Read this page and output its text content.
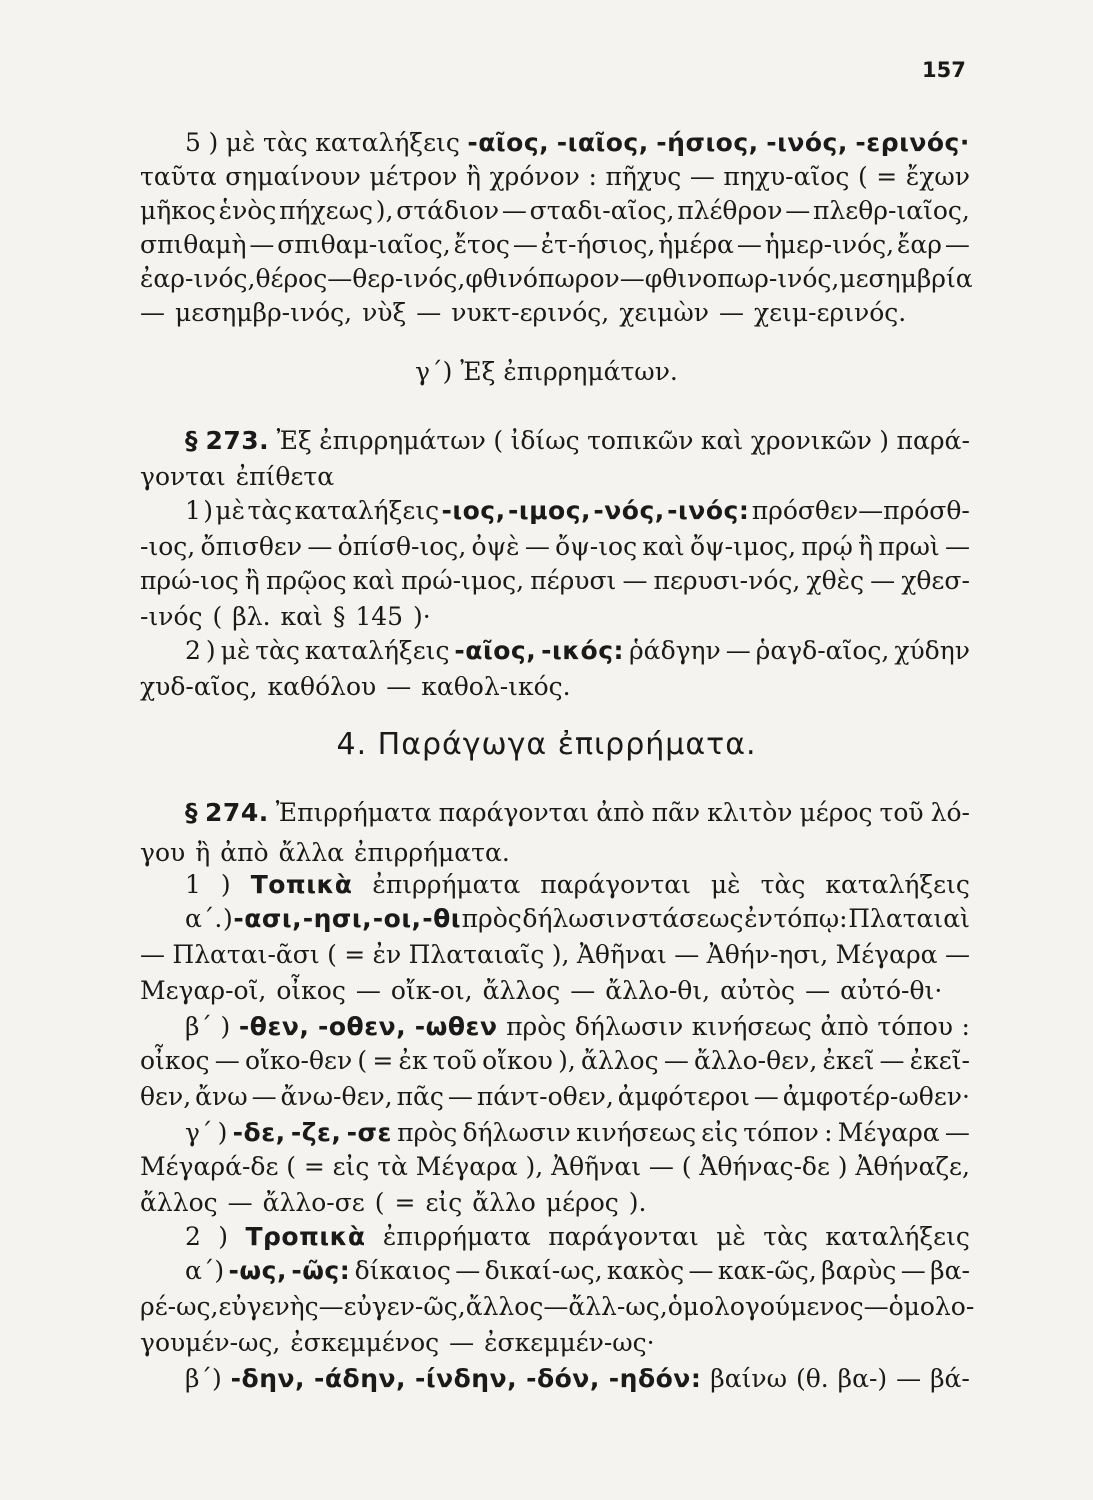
157
5 ) μὲ τὰς καταλήξεις -αῖος, -ιαῖος, -ήσιος, -ινός, -ερινός·
ταῦτα σημαίνουν μέτρον ἢ χρόνον : πῆχυς — πηχυ-αῖος ( = ἔχων
μῆκος ἑνὸς πήχεως ), στάδιον — σταδι-αῖος, πλέθρον — πλεθρ-ιαῖος,
σπιθαμὴ — σπιθαμ-ιαῖος, ἔτος — ἐτ-ήσιος, ἡμέρα — ἡμερ-ινός, ἔαρ —
ἐαρ-ινός, θέρος — θερ-ινός, φθινόπωρον — φθινοπωρ-ινός, μεσημβρία
— μεσημβρ-ινός, νὺξ — νυκτ-ερινός, χειμὼν — χειμ-ερινός.
γ΄) Ἐξ ἐπιρρημάτων.
§ 273. Ἐξ ἐπιρρημάτων ( ἰδίως τοπικῶν καὶ χρονικῶν ) παρά-
γονται ἐπίθετα
1 ) μὲ τὰς καταλήξεις -ιος, -ιμος, -νός, -ινός: πρόσθεν—πρόσθ-
-ιος, ὄπισθεν — ὀπίσθ-ιος, ὀψὲ — ὄψ-ιος καὶ ὄψ-ιμος, πρῴ ἢ πρωὶ —
πρώ-ιος ἢ πρῷος καὶ πρώ-ιμος, πέρυσι — περυσι-νός, χθὲς — χθεσ-
-ινός ( βλ. καὶ § 145 )·
2 ) μὲ τὰς καταλήξεις -αῖος, -ικός: ῥάδγην — ῥαγδ-αῖος, χύδην
χυδ-αῖος, καθόλου — καθολ-ικός.
4. Παράγωγα ἐπιρρήματα.
§ 274. Ἐπιρρήματα παράγονται ἀπὸ πᾶν κλιτὸν μέρος τοῦ λό-
γου ἢ ἀπὸ ἄλλα ἐπιρρήματα.
1 ) Τοπικὰ ἐπιρρήματα παράγονται μὲ τὰς καταλήξεις
α΄. ) -ασι, -ησι, -οι, -θι πρὸς δήλωσιν στάσεως ἐν τόπῳ: Πλαταιαὶ
— Πλαται-ᾶσι ( = ἐν Πλαταιαῖς ), Ἀθῆναι — Ἀθήν-ησι, Μέγαρα —
Μεγαρ-οῖ, οἶκος — οἴκ-οι, ἄλλος — ἄλλο-θι, αὐτὸς — αὐτό-θι·
β΄ ) -θεν, -οθεν, -ωθεν πρὸς δήλωσιν κινήσεως ἀπὸ τόπου :
οἶκος — οἴκο-θεν ( = ἐκ τοῦ οἴκου ), ἄλλος — ἄλλο-θεν, ἐκεῖ — ἐκεῖ-
θεν, ἄνω — ἄνω-θεν, πᾶς — πάντ-οθεν, ἀμφότεροι — ἀμφοτέρ-ωθεν·
γ΄ ) -δε, -ζε, -σε πρὸς δήλωσιν κινήσεως εἰς τόπον : Μέγαρα —
Μέγαρά-δε ( = εἰς τὰ Μέγαρα ), Ἀθῆναι — ( Ἀθήνας-δε ) Ἀθήναζε,
ἄλλος — ἄλλο-σε ( = εἰς ἄλλο μέρος ).
2 ) Τροπικὰ ἐπιρρήματα παράγονται μὲ τὰς καταλήξεις
α΄) -ως, -ῶς: δίκαιος — δικαί-ως, κακὸς — κακ-ῶς, βαρὺς — βα-
ρέ-ως, εὐγενὴς — εὐγεν-ῶς, ἄλλος — ἄλλ-ως, ὁμολογούμενος — ὁμολο-
γουμέν-ως, ἐσκεμμένος — ἐσκεμμέν-ως·
β΄) -δην, -άδην, -ίνδην, -δόν, -ηδόν: βαίνω (θ. βα-) — βά-
